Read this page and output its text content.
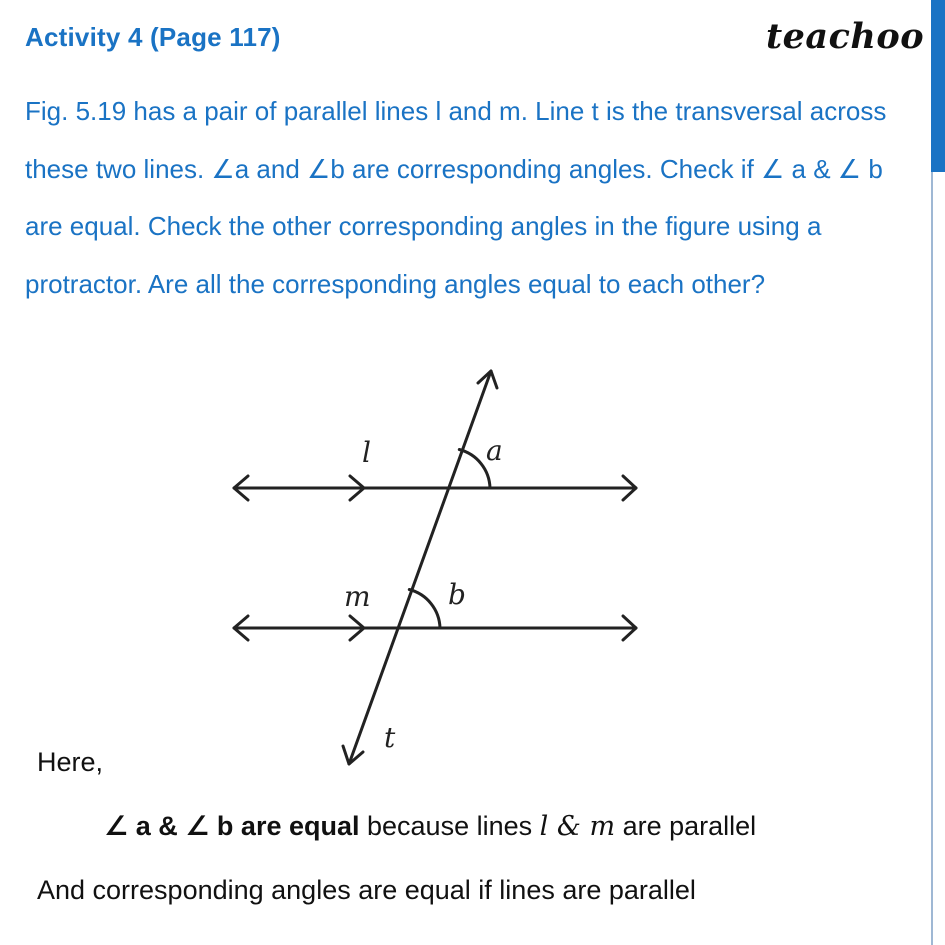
Activity 4 (Page 117)	teachoo

Fig. 5.19 has a pair of parallel lines l and m. Line t is the transversal across these two lines. ∠a and ∠b are corresponding angles. Check if ∠ a & ∠ b are equal. Check the other corresponding angles in the figure using a protractor. Are all the corresponding angles equal to each other?

l
m
t
a
b

Here,

∠ a & ∠ b are equal because lines l & m are parallel

And corresponding angles are equal if lines are parallel
